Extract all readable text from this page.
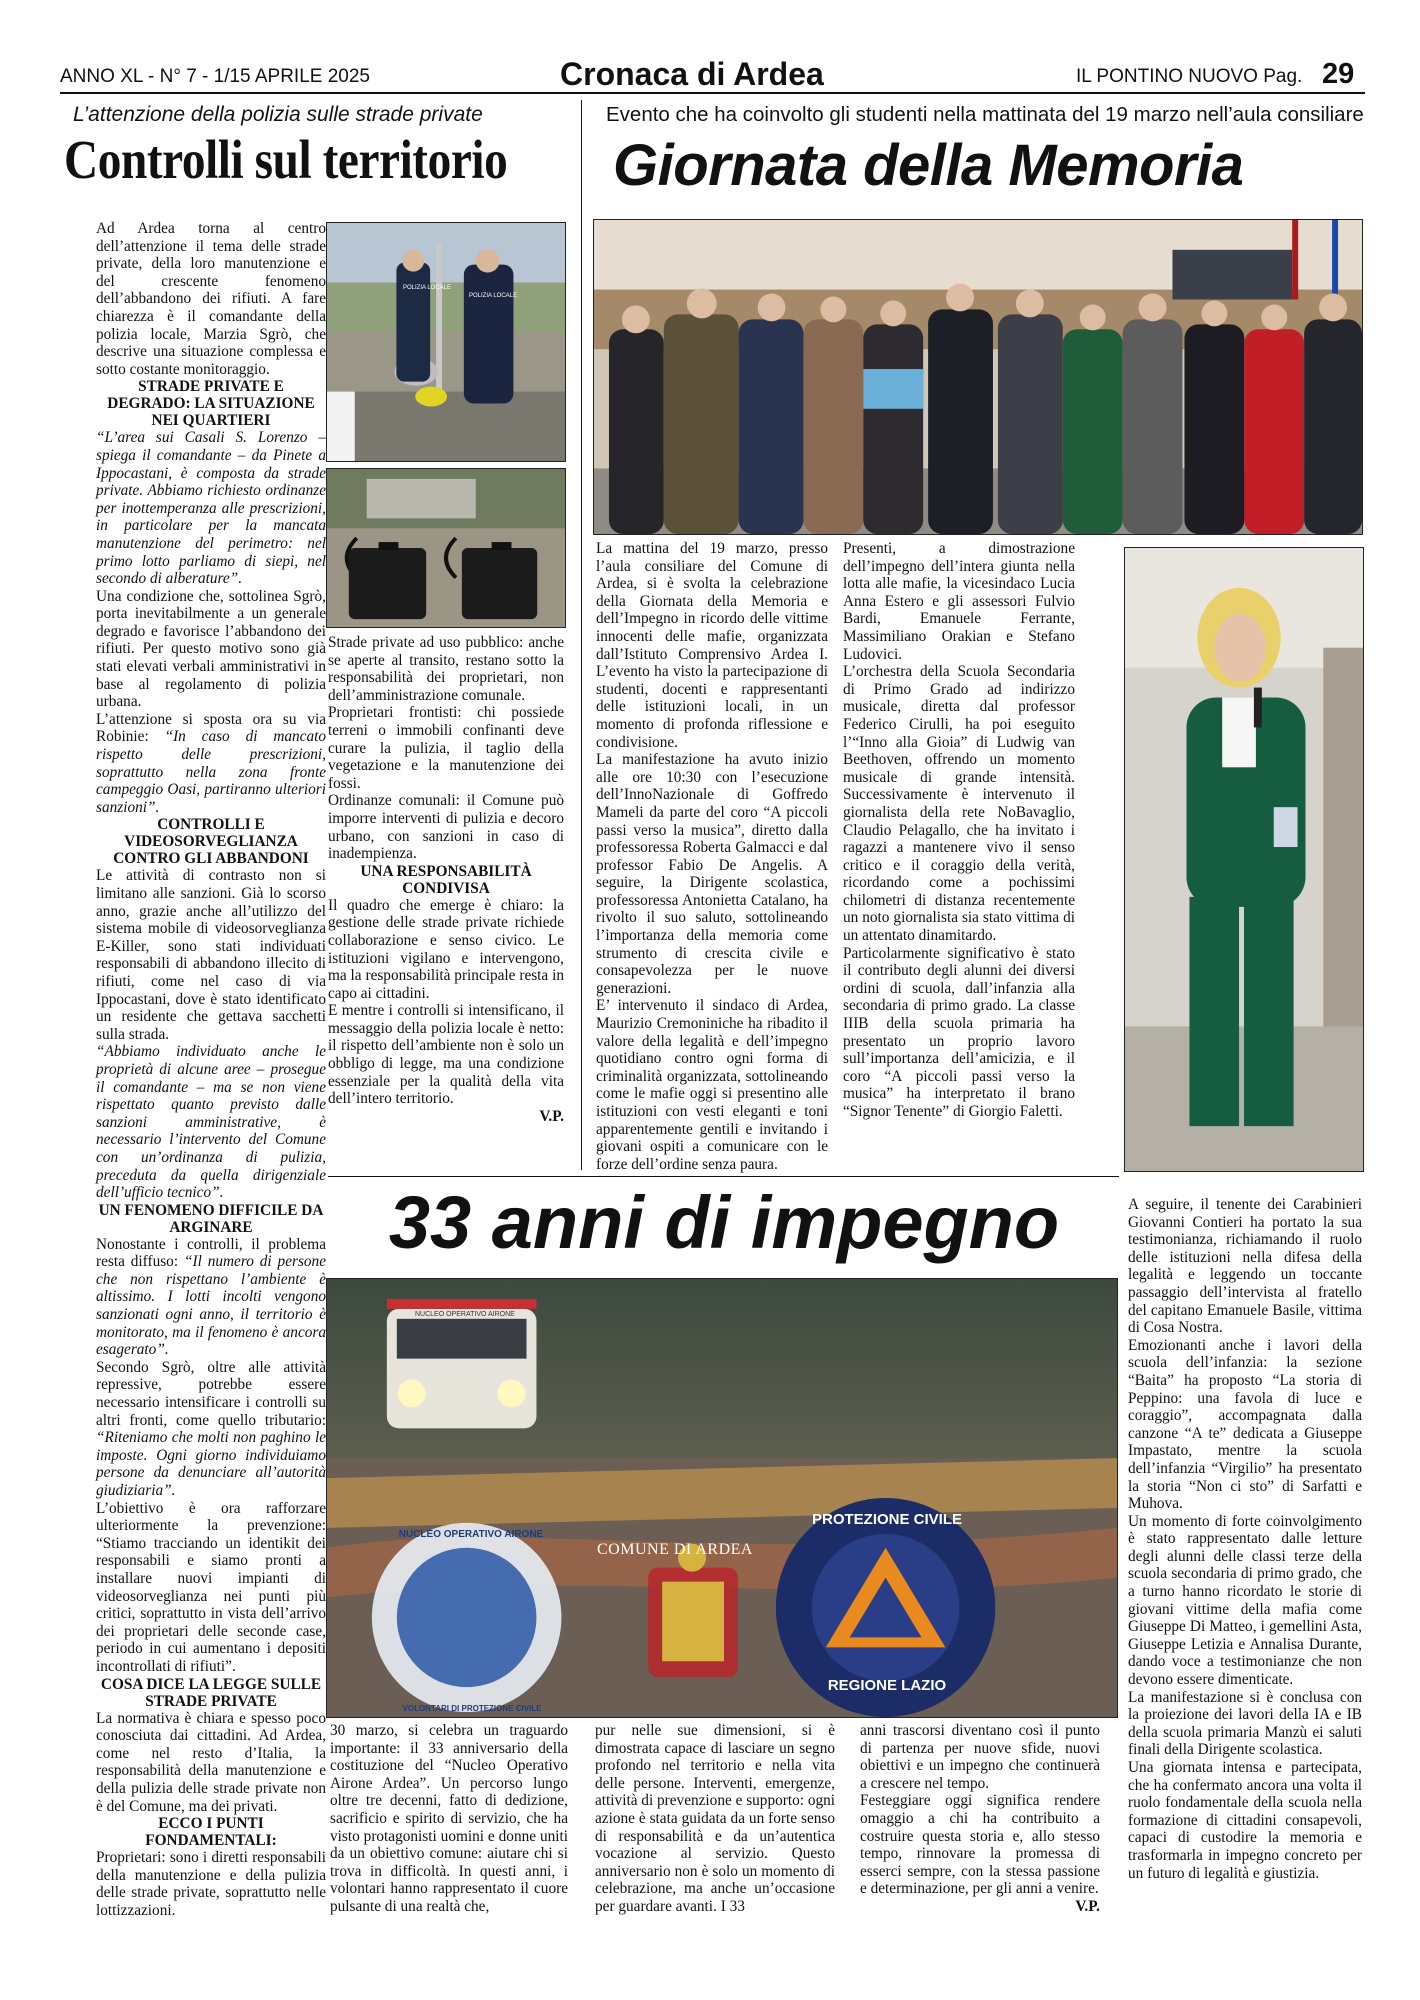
ANNO XL - N° 7 - 1/15 APRILE 2025	Cronaca di Ardea	IL PONTINO NUOVO Pag. 29
L’attenzione della polizia sulle strade private
Controlli sul territorio

Ad Ardea torna al centro dell’attenzione il tema delle strade private, della loro manutenzione e del crescente fenomeno dell’abbandono dei rifiuti. A fare chiarezza è il comandante della polizia locale, Marzia Sgrò, che descrive una situazione complessa e sotto costante monitoraggio.

STRADE PRIVATE E DEGRADO: LA SITUAZIONE NEI QUARTIERI

“L’area sui Casali S. Lorenzo – spiega il comandante – da Pinete a Ippocastani, è composta da strade private. Abbiamo richiesto ordinanze per inottemperanza alle prescrizioni, in particolare per la mancata manutenzione del perimetro: nel primo lotto parliamo di siepi, nel secondo di alberature”.

Una condizione che, sottolinea Sgrò, porta inevitabilmente a un generale degrado e favorisce l’abbandono dei rifiuti. Per questo motivo sono già stati elevati verbali amministrativi in base al regolamento di polizia urbana.

L’attenzione si sposta ora su via Robinie: “In caso di mancato rispetto delle prescrizioni, soprattutto nella zona fronte campeggio Oasi, partiranno ulteriori sanzioni”.

CONTROLLI E VIDEOSORVEGLIANZA CONTRO GLI ABBANDONI

Le attività di contrasto non si limitano alle sanzioni. Già lo scorso anno, grazie anche all’utilizzo del sistema mobile di videosorveglianza E-Killer, sono stati individuati responsabili di abbandono illecito di rifiuti, come nel caso di via Ippocastani, dove è stato identificato un residente che gettava sacchetti sulla strada.

“Abbiamo individuato anche le proprietà di alcune aree – prosegue il comandante – ma se non viene rispettato quanto previsto dalle sanzioni amministrative, è necessario l’intervento del Comune con un’ordinanza di pulizia, preceduta da quella dirigenziale dell’ufficio tecnico”.

UN FENOMENO DIFFICILE DA ARGINARE

Nonostante i controlli, il problema resta diffuso: “Il numero di persone che non rispettano l’ambiente è altissimo. I lotti incolti vengono sanzionati ogni anno, il territorio è monitorato, ma il fenomeno è ancora esagerato”.

Secondo Sgrò, oltre alle attività repressive, potrebbe essere necessario intensificare i controlli su altri fronti, come quello tributario: “Riteniamo che molti non paghino le imposte. Ogni giorno individuiamo persone da denunciare all’autorità giudiziaria”.

L’obiettivo è ora rafforzare ulteriormente la prevenzione: “Stiamo tracciando un identikit dei responsabili e siamo pronti a installare nuovi impianti di videosorveglianza nei punti più critici, soprattutto in vista dell’arrivo dei proprietari delle seconde case, periodo in cui aumentano i depositi incontrollati di rifiuti”.

COSA DICE LA LEGGE SULLE STRADE PRIVATE

La normativa è chiara e spesso poco conosciuta dai cittadini. Ad Ardea, come nel resto d’Italia, la responsabilità della manutenzione e della pulizia delle strade private non è del Comune, ma dei privati.

ECCO I PUNTI FONDAMENTALI:

Proprietari: sono i diretti responsabili della manutenzione e della pulizia delle strade private, soprattutto nelle lottizzazioni.

POLIZIA LOCALE
POLIZIA LOCALE

Strade private ad uso pubblico: anche se aperte al transito, restano sotto la responsabilità dei proprietari, non dell’amministrazione comunale.

Proprietari frontisti: chi possiede terreni o immobili confinanti deve curare la pulizia, il taglio della vegetazione e la manutenzione dei fossi.

Ordinanze comunali: il Comune può imporre interventi di pulizia e decoro urbano, con sanzioni in caso di inadempienza.

UNA RESPONSABILITÀ CONDIVISA

Il quadro che emerge è chiaro: la gestione delle strade private richiede collaborazione e senso civico. Le istituzioni vigilano e intervengono, ma la responsabilità principale resta in capo ai cittadini.

E mentre i controlli si intensificano, il messaggio della polizia locale è netto: il rispetto dell’ambiente non è solo un obbligo di legge, ma una condizione essenziale per la qualità della vita dell’intero territorio.

V.P.

Evento che ha coinvolto gli studenti nella mattinata del 19 marzo nell’aula consiliare
Giornata della Memoria

La mattina del 19 marzo, presso l’aula consiliare del Comune di Ardea, si è svolta la celebrazione della Giornata della Memoria e dell’Impegno in ricordo delle vittime innocenti delle mafie, organizzata dall’Istituto Comprensivo Ardea I. L’evento ha visto la partecipazione di studenti, docenti e rappresentanti delle istituzioni locali, in un momento di profonda riflessione e condivisione.

La manifestazione ha avuto inizio alle ore 10:30 con l’esecuzione dell’InnoNazionale di Goffredo Mameli da parte del coro “A piccoli passi verso la musica”, diretto dalla professoressa Roberta Galmacci e dal professor Fabio De Angelis. A seguire, la Dirigente scolastica, professoressa Antonietta Catalano, ha rivolto il suo saluto, sottolineando l’importanza della memoria come strumento di crescita civile e consapevolezza per le nuove generazioni.

E’ intervenuto il sindaco di Ardea, Maurizio Cremoniniche ha ribadito il valore della legalità e dell’impegno quotidiano contro ogni forma di criminalità organizzata, sottolineando come le mafie oggi si presentino alle istituzioni con vesti eleganti e toni apparentemente gentili e invitando i giovani ospiti a comunicare con le forze dell’ordine senza paura.

Presenti, a dimostrazione dell’impegno dell’intera giunta nella lotta alle mafie, la vicesindaco Lucia Anna Estero e gli assessori Fulvio Bardi, Emanuele Ferrante, Massimiliano Orakian e Stefano Ludovici.

L’orchestra della Scuola Secondaria di Primo Grado ad indirizzo musicale, diretta dal professor Federico Cirulli, ha poi eseguito l’“Inno alla Gioia” di Ludwig van Beethoven, offrendo un momento musicale di grande intensità. Successivamente è intervenuto il giornalista della rete NoBavaglio, Claudio Pelagallo, che ha invitato i ragazzi a mantenere vivo il senso critico e il coraggio della verità, ricordando come a pochissimi chilometri di distanza recentemente un noto giornalista sia stato vittima di un attentato dinamitardo.

Particolarmente significativo è stato il contributo degli alunni dei diversi ordini di scuola, dall’infanzia alla secondaria di primo grado. La classe IIIB della scuola primaria ha presentato un proprio lavoro sull’importanza dell’amicizia, e il coro “A piccoli passi verso la musica” ha interpretato il brano “Signor Tenente” di Giorgio Faletti.

A seguire, il tenente dei Carabinieri Giovanni Contieri ha portato la sua testimonianza, richiamando il ruolo delle istituzioni nella difesa della legalità e leggendo un toccante passaggio dell’intervista al fratello del capitano Emanuele Basile, vittima di Cosa Nostra.

Emozionanti anche i lavori della scuola dell’infanzia: la sezione “Baita” ha proposto “La storia di Peppino: una favola di luce e coraggio”, accompagnata dalla canzone “A te” dedicata a Giuseppe Impastato, mentre la scuola dell’infanzia “Virgilio” ha presentato la storia “Non ci sto” di Sarfatti e Muhova.

Un momento di forte coinvolgimento è stato rappresentato dalle letture degli alunni delle classi terze della scuola secondaria di primo grado, che a turno hanno ricordato le storie di giovani vittime della mafia come Giuseppe Di Matteo, i gemellini Asta, Giuseppe Letizia e Annalisa Durante, dando voce a testimonianze che non devono essere dimenticate.

La manifestazione si è conclusa con la proiezione dei lavori della IA e IB della scuola primaria Manzù ei saluti finali della Dirigente scolastica.

Una giornata intensa e partecipata, che ha confermato ancora una volta il ruolo fondamentale della scuola nella formazione di cittadini consapevoli, capaci di custodire la memoria e trasformarla in impegno concreto per un futuro di legalità e giustizia.

33 anni di impegno
NUCLEO OPERATIVO AIRONE
COMUNE DI ARDEA
NUCLEO OPERATIVO AIRONE
VOLONTARI DI PROTEZIONE CIVILE
PROTEZIONE CIVILE
REGIONE LAZIO

30 marzo, si celebra un traguardo importante: il 33 anniversario della costituzione del “Nucleo Operativo Airone Ardea”. Un percorso lungo oltre tre decenni, fatto di dedizione, sacrificio e spirito di servizio, che ha visto protagonisti uomini e donne uniti da un obiettivo comune: aiutare chi si trova in difficoltà. In questi anni, i volontari hanno rappresentato il cuore pulsante di una realtà che,

pur nelle sue dimensioni, si è dimostrata capace di lasciare un segno profondo nel territorio e nella vita delle persone. Interventi, emergenze, attività di prevenzione e supporto: ogni azione è stata guidata da un forte senso di responsabilità e da un’autentica vocazione al servizio. Questo anniversario non è solo un momento di celebrazione, ma anche un’occasione per guardare avanti. I 33

anni trascorsi diventano così il punto di partenza per nuove sfide, nuovi obiettivi e un impegno che continuerà a crescere nel tempo.

Festeggiare oggi significa rendere omaggio a chi ha contribuito a costruire questa storia e, allo stesso tempo, rinnovare la promessa di esserci sempre, con la stessa passione e determinazione, per gli anni a venire.

V.P.
